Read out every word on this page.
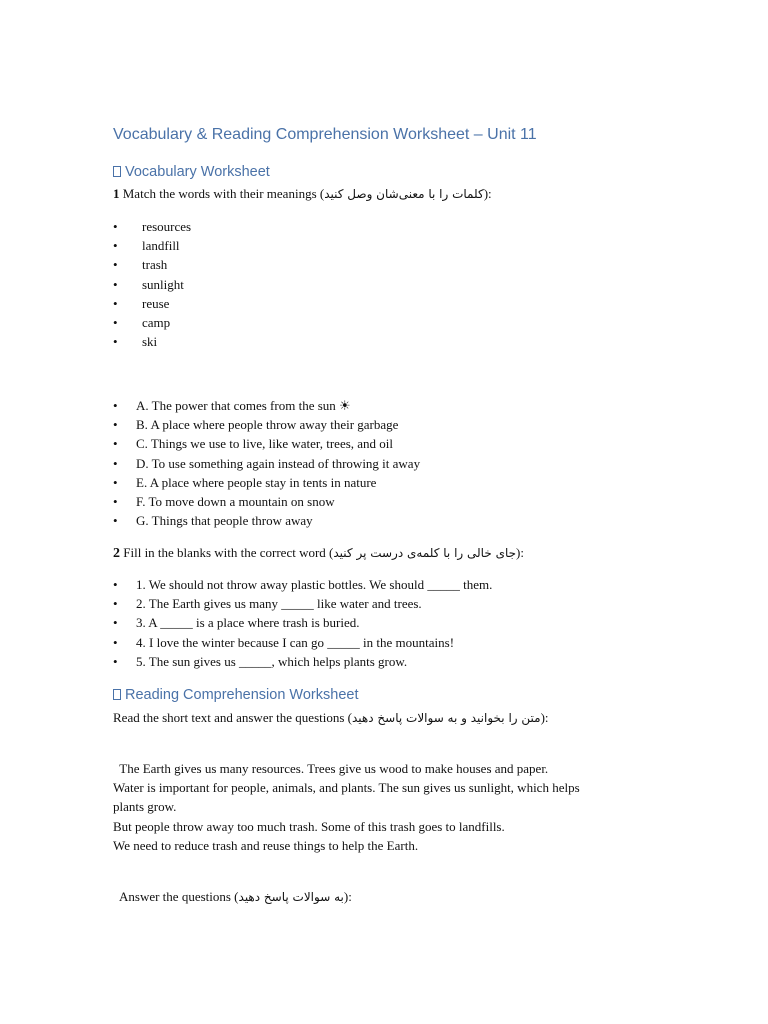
Vocabulary & Reading Comprehension Worksheet – Unit 11
Vocabulary Worksheet
1 Match the words with their meanings (کلمات را با معنی‌شان وصل کنید):
• resources
• landfill
• trash
• sunlight
• reuse
• camp
• ski
• A. The power that comes from the sun ☀
• B. A place where people throw away their garbage
• C. Things we use to live, like water, trees, and oil
• D. To use something again instead of throwing it away
• E. A place where people stay in tents in nature
• F. To move down a mountain on snow
• G. Things that people throw away
2 Fill in the blanks with the correct word (جای خالی را با کلمه‌ی درست پر کنید):
• 1. We should not throw away plastic bottles. We should _____ them.
• 2. The Earth gives us many _____ like water and trees.
• 3. A _____ is a place where trash is buried.
• 4. I love the winter because I can go _____ in the mountains!
• 5. The sun gives us _____, which helps plants grow.
Reading Comprehension Worksheet
Read the short text and answer the questions (متن را بخوانید و به سوالات پاسخ دهید):
The Earth gives us many resources. Trees give us wood to make houses and paper.
Water is important for people, animals, and plants. The sun gives us sunlight, which helps
plants grow.
But people throw away too much trash. Some of this trash goes to landfills.
We need to reduce trash and reuse things to help the Earth.
Answer the questions (به سوالات پاسخ دهید):
